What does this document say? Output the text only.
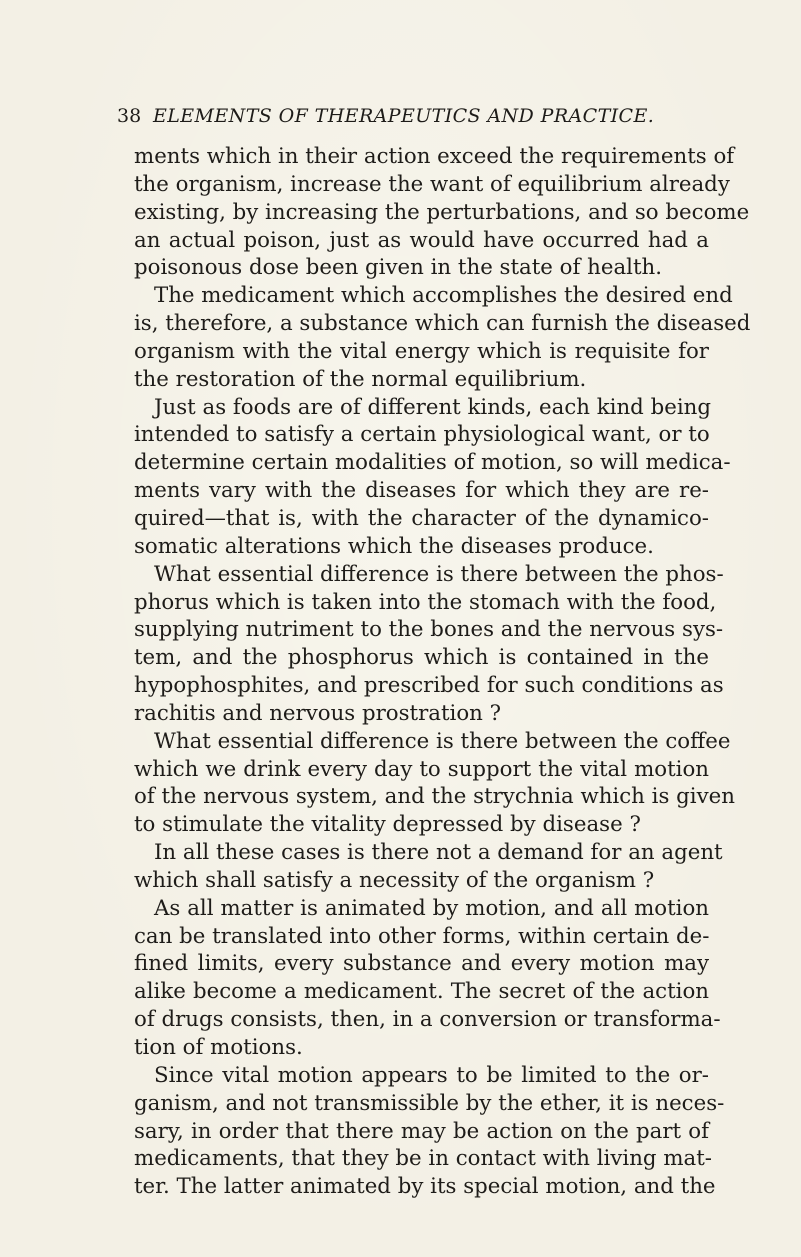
38 ELEMENTS OF THERAPEUTICS AND PRACTICE.
ments which in their action exceed the requirements of
the organism, increase the want of equilibrium already
existing, by increasing the perturbations, and so become
an actual poison, just as would have occurred had a
poisonous dose been given in the state of health.
The medicament which accomplishes the desired end
is, therefore, a substance which can furnish the diseased
organism with the vital energy which is requisite for
the restoration of the normal equilibrium.
Just as foods are of different kinds, each kind being
intended to satisfy a certain physiological want, or to
determine certain modalities of motion, so will medica-
ments vary with the diseases for which they are re-
quired—that is, with the character of the dynamico-
somatic alterations which the diseases produce.
What essential difference is there between the phos-
phorus which is taken into the stomach with the food,
supplying nutriment to the bones and the nervous sys-
tem, and the phosphorus which is contained in the
hypophosphites, and prescribed for such conditions as
rachitis and nervous prostration ?
What essential difference is there between the coffee
which we drink every day to support the vital motion
of the nervous system, and the strychnia which is given
to stimulate the vitality depressed by disease ?
In all these cases is there not a demand for an agent
which shall satisfy a necessity of the organism ?
As all matter is animated by motion, and all motion
can be translated into other forms, within certain de-
fined limits, every substance and every motion may
alike become a medicament. The secret of the action
of drugs consists, then, in a conversion or transforma-
tion of motions.
Since vital motion appears to be limited to the or-
ganism, and not transmissible by the ether, it is neces-
sary, in order that there may be action on the part of
medicaments, that they be in contact with living mat-
ter. The latter animated by its special motion, and the
